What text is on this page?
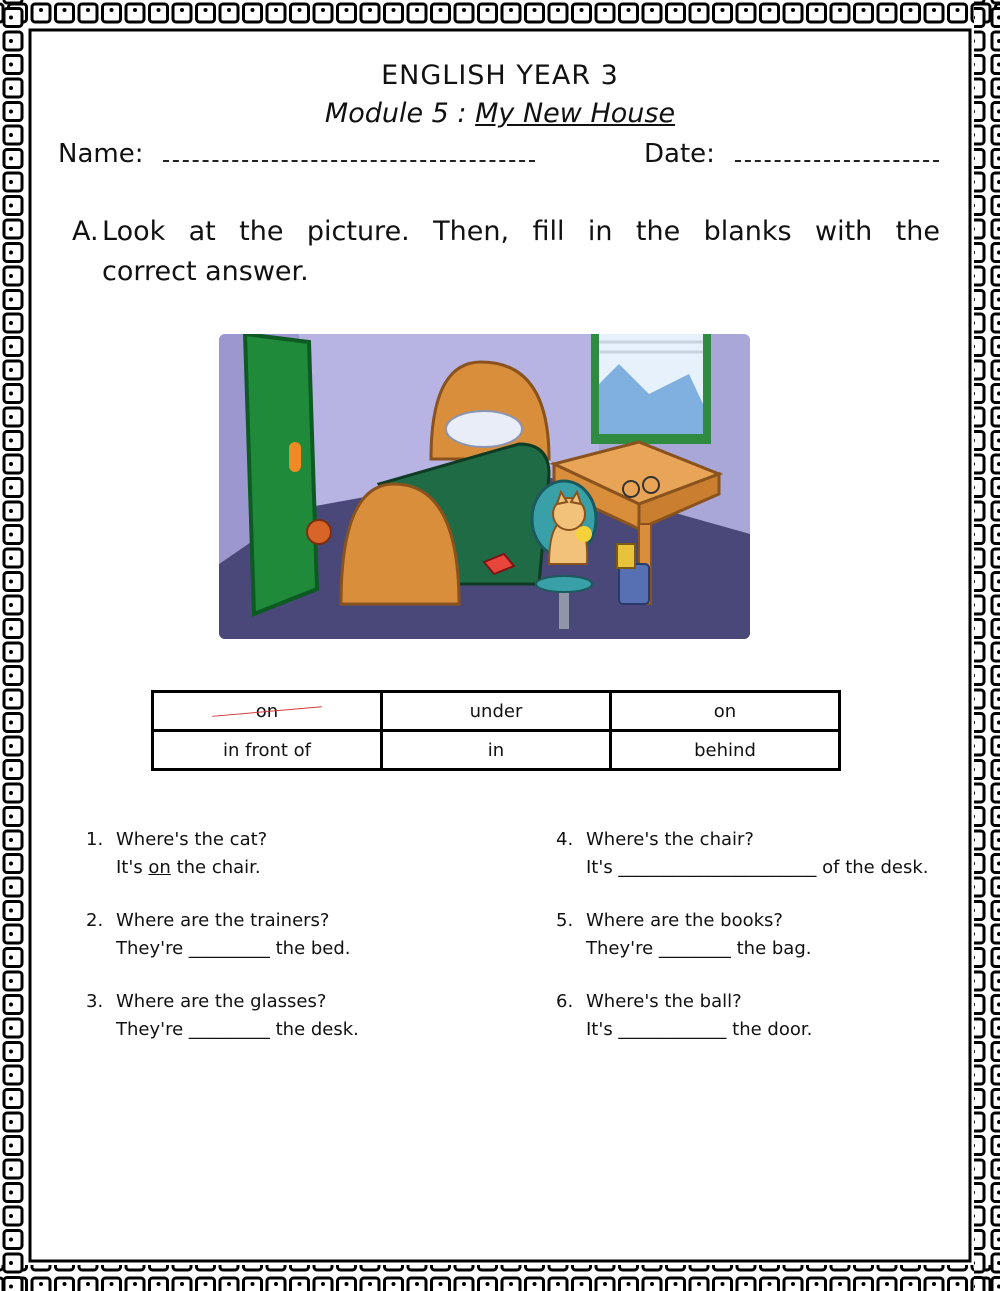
ENGLISH YEAR 3
Module 5 : My New House
Name:	Date:
A. Look at the picture. Then, fill in the blanks with the
correct answer.
on	under	on
in front of	in	behind
1. Where's the cat?
It's on the chair.
2. Where are the trainers?
They're _________ the bed.
3. Where are the glasses?
They're _________ the desk.
4. Where's the chair?
It's ______________________ of the desk.
5. Where are the books?
They're ________ the bag.
6. Where's the ball?
It's ____________ the door.
